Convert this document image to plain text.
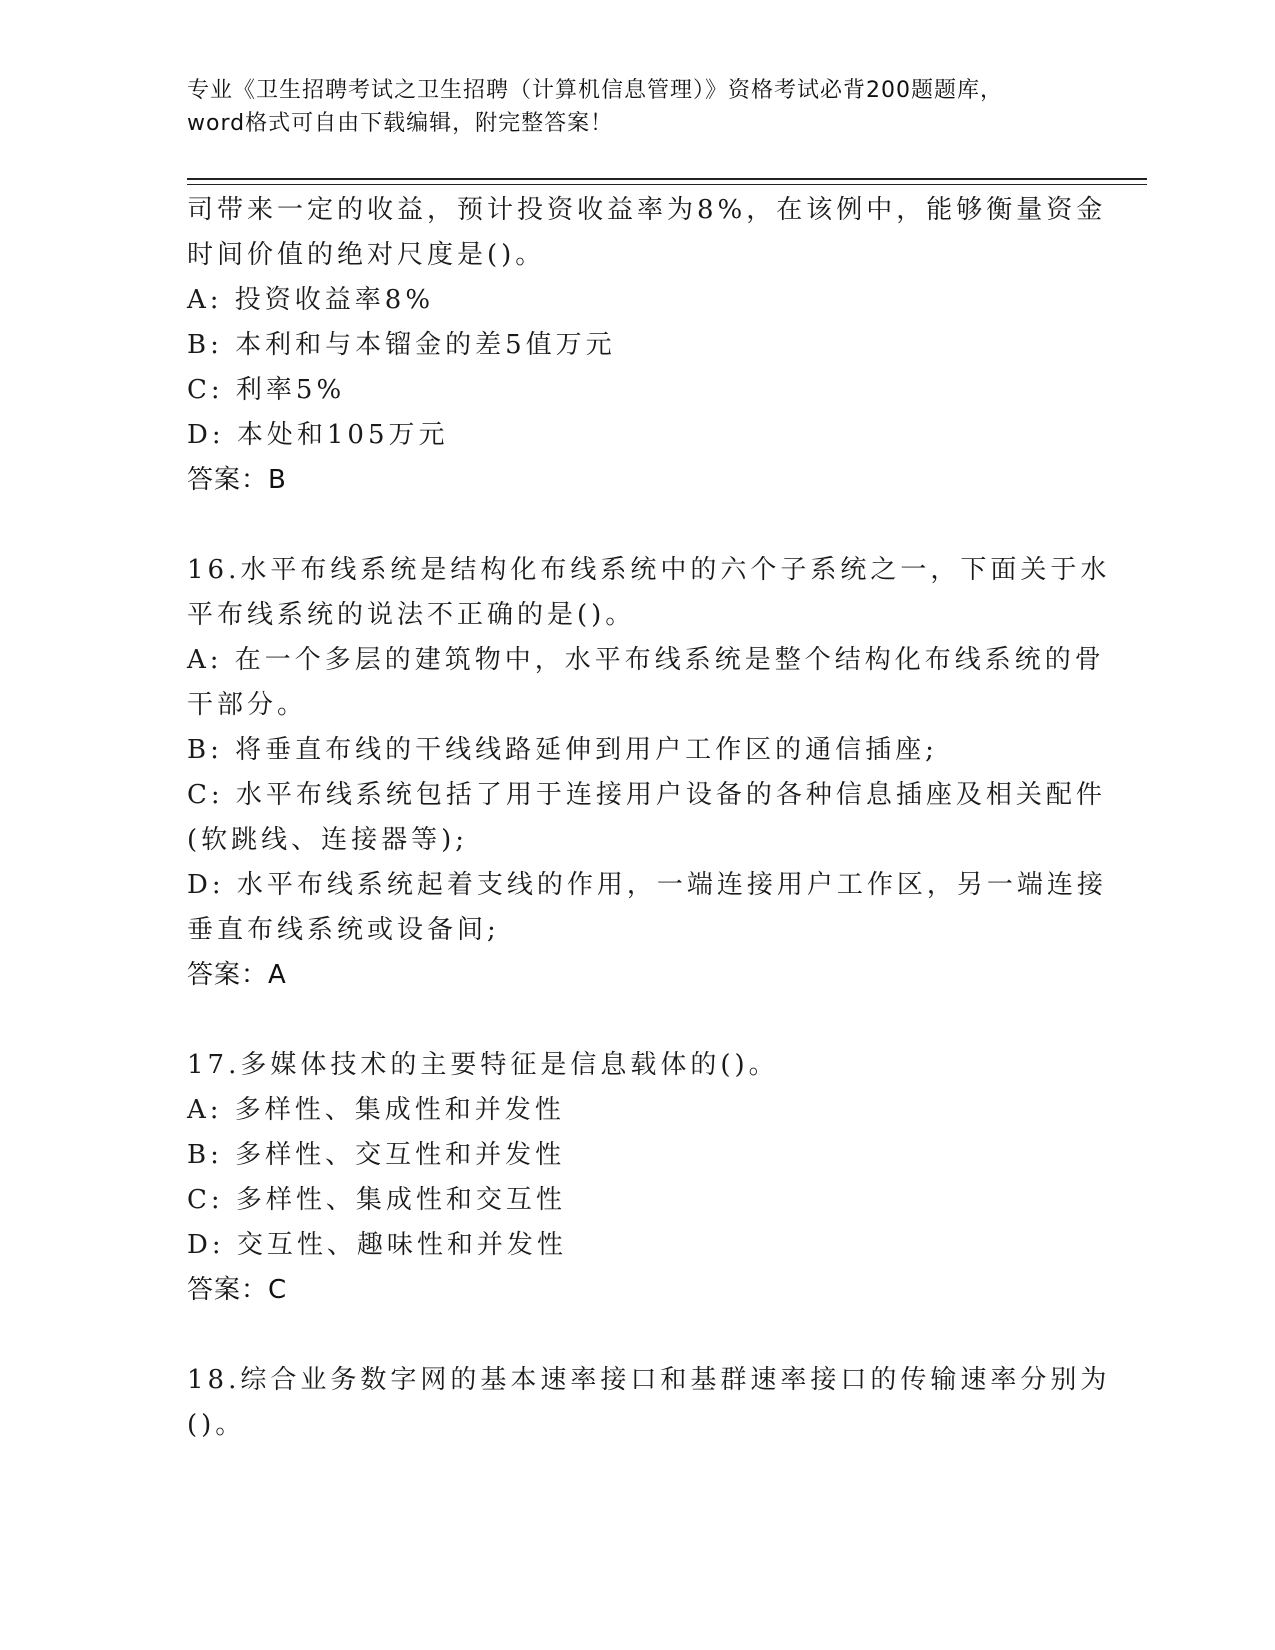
专业《卫生招聘考试之卫生招聘（计算机信息管理）》资格考试必背200题题库，
word格式可自由下载编辑，附完整答案！
司带来一定的收益，预计投资收益率为8%，在该例中，能够衡量资金
时间价值的绝对尺度是()。
A: 投资收益率8%
B: 本利和与本镏金的差5值万元
C: 利率5%
D: 本处和105万元
答案：B
16.水平布线系统是结构化布线系统中的六个子系统之一，下面关于水
平布线系统的说法不正确的是()。
A: 在一个多层的建筑物中，水平布线系统是整个结构化布线系统的骨
干部分。
B: 将垂直布线的干线线路延伸到用户工作区的通信插座;
C: 水平布线系统包括了用于连接用户设备的各种信息插座及相关配件
(软跳线、连接器等);
D: 水平布线系统起着支线的作用，一端连接用户工作区，另一端连接
垂直布线系统或设备间;
答案：A
17.多媒体技术的主要特征是信息载体的()。
A: 多样性、集成性和并发性
B: 多样性、交互性和并发性
C: 多样性、集成性和交互性
D: 交互性、趣味性和并发性
答案：C
18.综合业务数字网的基本速率接口和基群速率接口的传输速率分别为
()。
